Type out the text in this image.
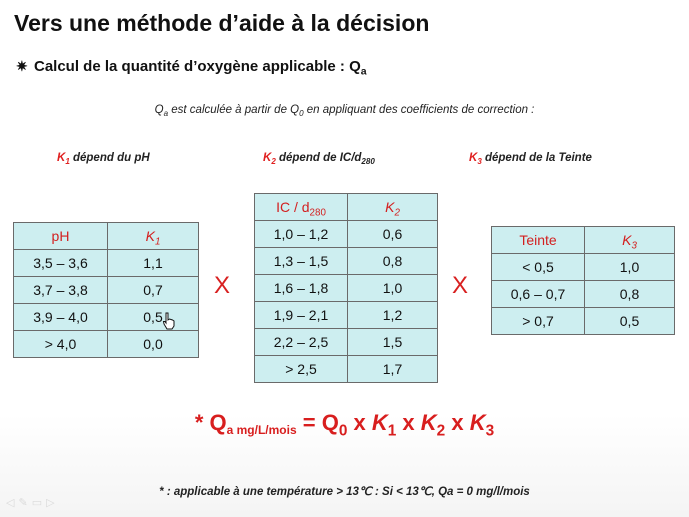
Vers une méthode d’aide à la décision
✷ Calcul de la quantité d’oxygène applicable : $Q_a$
$Q_a$ est calculée à partir de $Q_0$ en appliquant des coefficients de correction :
$K_1$ dépend du pH	$K_2$ dépend de $IC/d_{280}$	$K_3$ dépend de la Teinte
pH	$K_1$
3,5 – 3,6	1,1
3,7 – 3,8	0,7
3,9 – 4,0	0,5
> 4,0	0,0
X
IC / $d_{280}$	$K_2$
1,0 – 1,2	0,6
1,3 – 1,5	0,8
1,6 – 1,8	1,0
1,9 – 2,1	1,2
2,2 – 2,5	1,5
> 2,5	1,7
X
Teinte	$K_3$
< 0,5	1,0
0,6 – 0,7	0,8
> 0,7	0,5
* $Q_{a mg/L/mois} = Q_0$ x $K_1$ x $K_2$ x $K_3$
* : applicable à une température > 13℃ : Si < 13℃, Qa = 0 mg/l/mois
◁✎▭▷
